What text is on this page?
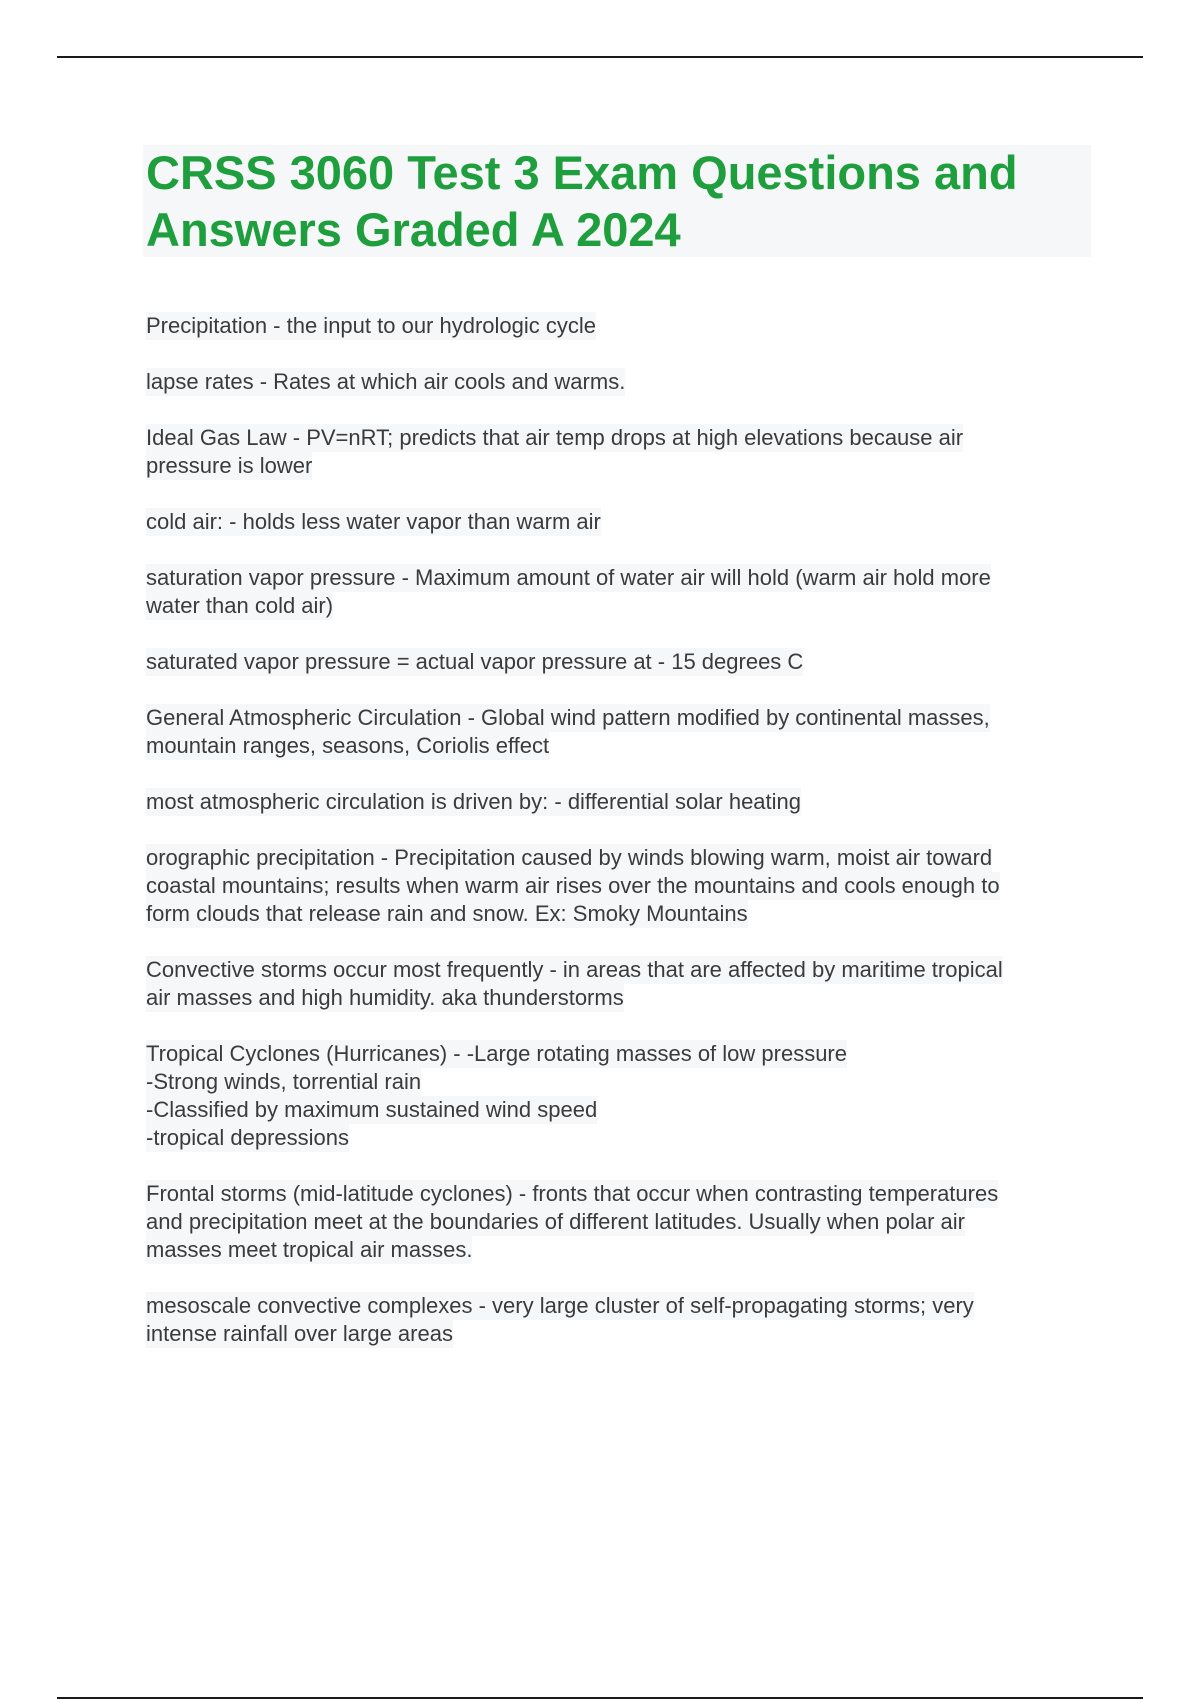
CRSS 3060 Test 3 Exam Questions and
Answers Graded A 2024

Precipitation - the input to our hydrologic cycle

lapse rates - Rates at which air cools and warms.

Ideal Gas Law - PV=nRT; predicts that air temp drops at high elevations because air
pressure is lower

cold air: - holds less water vapor than warm air

saturation vapor pressure - Maximum amount of water air will hold (warm air hold more
water than cold air)

saturated vapor pressure = actual vapor pressure at - 15 degrees C

General Atmospheric Circulation - Global wind pattern modified by continental masses,
mountain ranges, seasons, Coriolis effect

most atmospheric circulation is driven by: - differential solar heating

orographic precipitation - Precipitation caused by winds blowing warm, moist air toward
coastal mountains; results when warm air rises over the mountains and cools enough to
form clouds that release rain and snow. Ex: Smoky Mountains

Convective storms occur most frequently - in areas that are affected by maritime tropical
air masses and high humidity. aka thunderstorms

Tropical Cyclones (Hurricanes) - -Large rotating masses of low pressure
-Strong winds, torrential rain
-Classified by maximum sustained wind speed
-tropical depressions

Frontal storms (mid-latitude cyclones) - fronts that occur when contrasting temperatures
and precipitation meet at the boundaries of different latitudes. Usually when polar air
masses meet tropical air masses.

mesoscale convective complexes - very large cluster of self-propagating storms; very
intense rainfall over large areas
